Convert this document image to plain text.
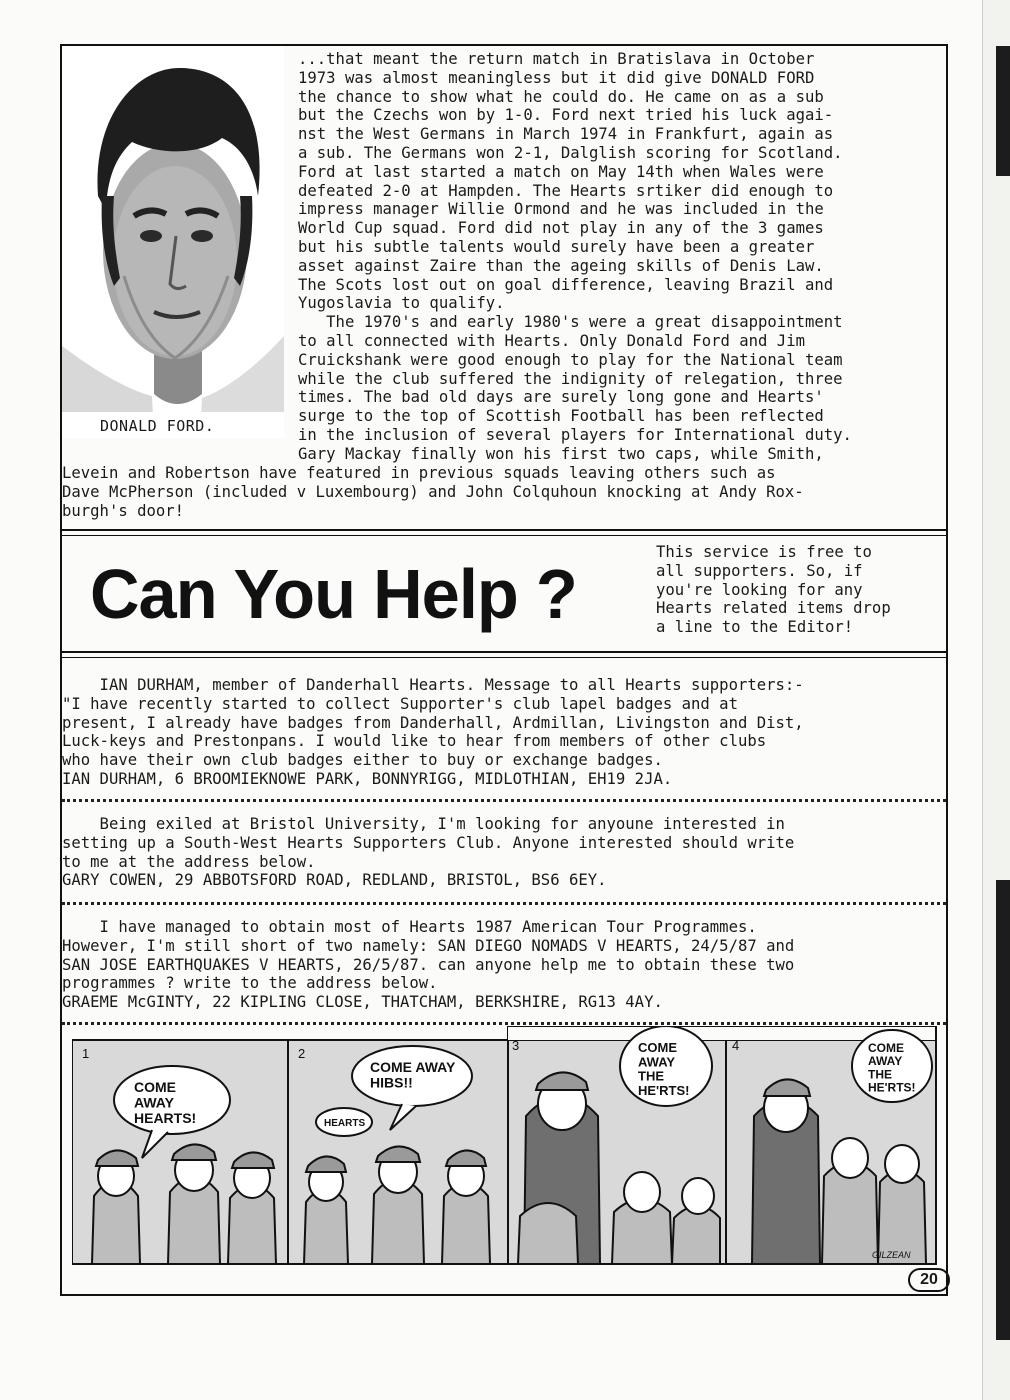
DONALD FORD.
...that meant the return match in Bratislava in October
1973 was almost meaningless but it did give DONALD FORD
the chance to show what he could do. He came on as a sub
but the Czechs won by 1-0. Ford next tried his luck agai-
nst the West Germans in March 1974 in Frankfurt, again as
a sub. The Germans won 2-1, Dalglish scoring for Scotland.
Ford at last started a match on May 14th when Wales were
defeated 2-0 at Hampden. The Hearts srtiker did enough to
impress manager Willie Ormond and he was included in the
World Cup squad. Ford did not play in any of the 3 games
but his subtle talents would surely have been a greater
asset against Zaire than the ageing skills of Denis Law.
The Scots lost out on goal difference, leaving Brazil and
Yugoslavia to qualify.
The 1970's and early 1980's were a great disappointment
to all connected with Hearts. Only Donald Ford and Jim
Cruickshank were good enough to play for the National team
while the club suffered the indignity of relegation, three
times. The bad old days are surely long gone and Hearts'
surge to the top of Scottish Football has been reflected
in the inclusion of several players for International duty.
Gary Mackay finally won his first two caps, while Smith,
Levein and Robertson have featured in previous squads leaving others such as
Dave McPherson (included v Luxembourg) and John Colquhoun knocking at Andy Rox-
burgh's door!
Can You Help ?
This service is free to
all supporters. So, if
you're looking for any
Hearts related items drop
a line to the Editor!
IAN DURHAM, member of Danderhall Hearts. Message to all Hearts supporters:-
"I have recently started to collect Supporter's club lapel badges and at
present, I already have badges from Danderhall, Ardmillan, Livingston and Dist,
Luck-keys and Prestonpans. I would like to hear from members of other clubs
who have their own club badges either to buy or exchange badges.
IAN DURHAM, 6 BROOMIEKNOWE PARK, BONNYRIGG, MIDLOTHIAN, EH19 2JA.
Being exiled at Bristol University, I'm looking for anyoune interested in
setting up a South-West Hearts Supporters Club. Anyone interested should write
to me at the address below.
GARY COWEN, 29 ABBOTSFORD ROAD, REDLAND, BRISTOL, BS6 6EY.
I have managed to obtain most of Hearts 1987 American Tour Programmes.
However, I'm still short of two namely: SAN DIEGO NOMADS V HEARTS, 24/5/87 and
SAN JOSE EARTHQUAKES V HEARTS, 26/5/87. can anyone help me to obtain these two
programmes ? write to the address below.
GRAEME McGINTY, 22 KIPLING CLOSE, THATCHAM, BERKSHIRE, RG13 4AY.
1	2
3	4
COME AWAY HEARTS!
COME AWAY HIBS!!
HEARTS
COME AWAY THE HE'RTS!
COME AWAY THE HE'RTS!
GILZEAN
20
